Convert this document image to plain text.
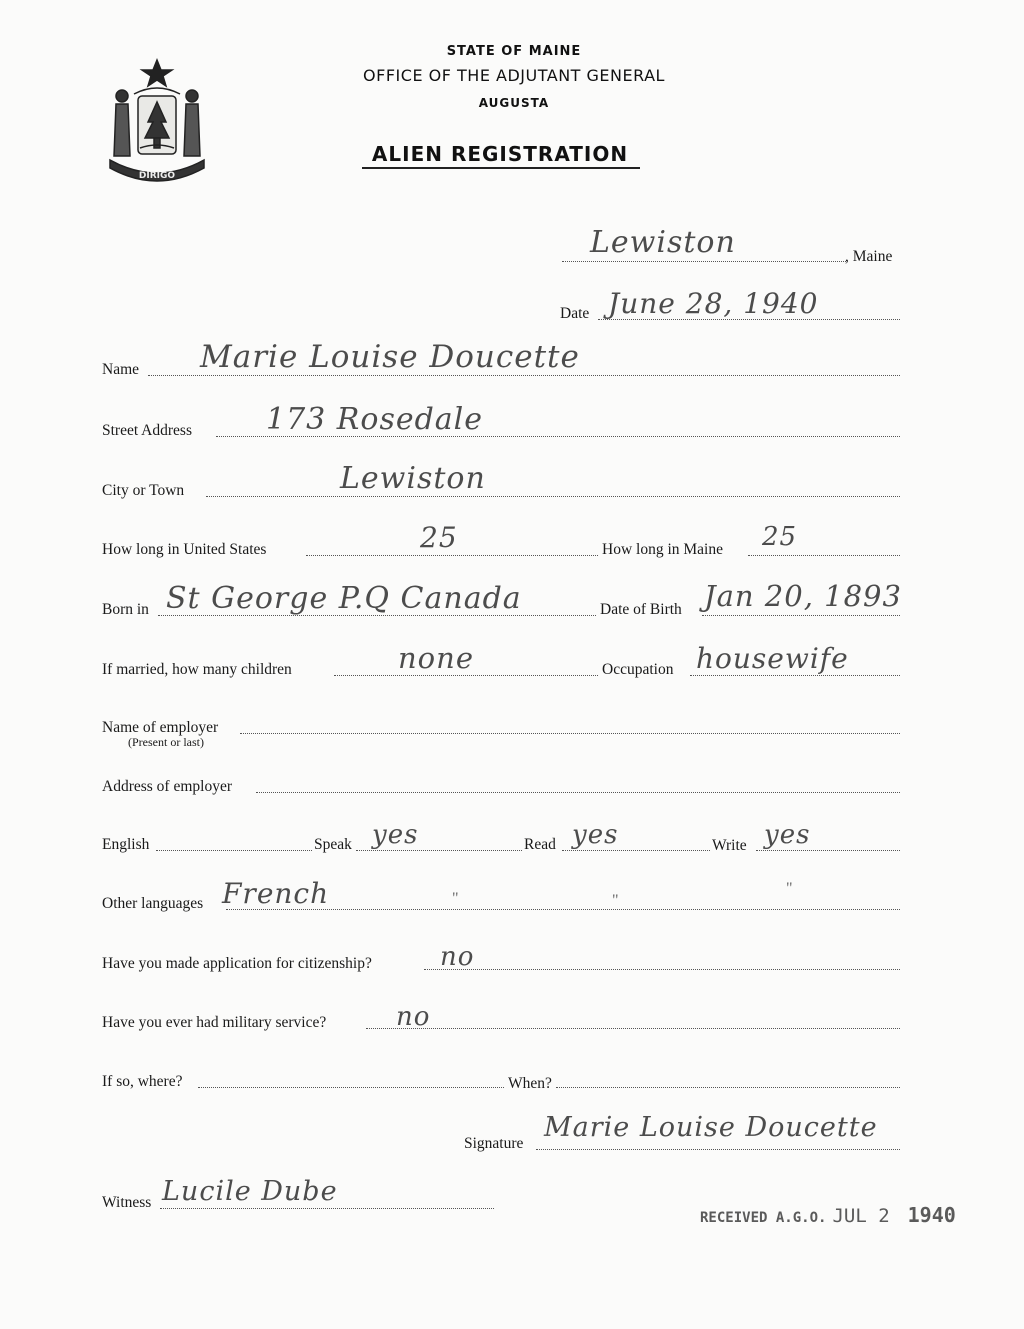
DIRIGO
STATE OF MAINE
OFFICE OF THE ADJUTANT GENERAL
AUGUSTA
ALIEN REGISTRATION
Lewiston	, Maine
Date June 28, 1940
Name Marie Louise Doucette
Street Address 173 Rosedale
City or Town	Lewiston
How long in United States	25	How long in Maine 25
Born in St George P.Q Canada	Date of Birth Jan 20, 1893
If married, how many children	none	Occupation housewife
Name of employer
(Present or last)
Address of employer
English	Speak yes	Read yes	Write yes
Other languages French	"	"
"
Have you made application for citizenship?	no
Have you ever had military service?	no
If so, where?	When?
Signature
Marie Louise Doucette
Witness Lucile Dube
RECEIVED A.G.O. JUL 2 1940
